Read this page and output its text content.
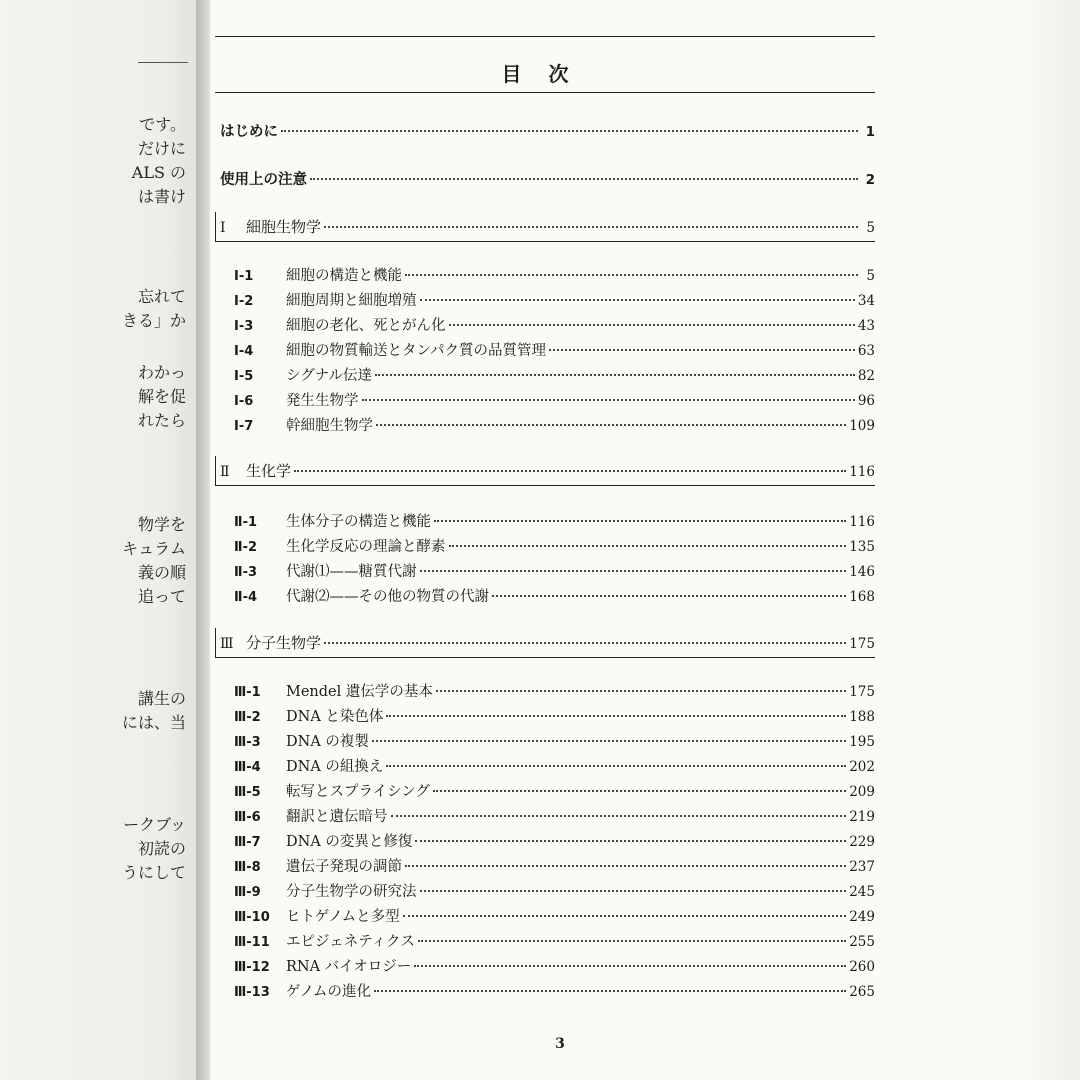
です。
だけに
ALS の
は書け
忘れて
きる」か
わかっ
解を促
れたら
物学を
キュラム
義の順
追って
講生の
には、当
ークブッ
初読の
うにして
目 次
はじめに	1
使用上の注意	2
Ⅰ	細胞生物学	5
Ⅰ-1	細胞の構造と機能	5
Ⅰ-2	細胞周期と細胞増殖	34
Ⅰ-3	細胞の老化、死とがん化	43
Ⅰ-4	細胞の物質輸送とタンパク質の品質管理	63
Ⅰ-5	シグナル伝達	82
Ⅰ-6	発生生物学	96
Ⅰ-7	幹細胞生物学	109
Ⅱ	生化学	116
Ⅱ-1	生体分子の構造と機能	116
Ⅱ-2	生化学反応の理論と酵素	135
Ⅱ-3	代謝⑴——糖質代謝	146
Ⅱ-4	代謝⑵——その他の物質の代謝	168
Ⅲ 分子生物学	175
Ⅲ-1	Mendel 遺伝学の基本	175
Ⅲ-2	DNA と染色体	188
Ⅲ-3	DNA の複製	195
Ⅲ-4	DNA の組換え	202
Ⅲ-5	転写とスプライシング	209
Ⅲ-6	翻訳と遺伝暗号	219
Ⅲ-7	DNA の変異と修復	229
Ⅲ-8	遺伝子発現の調節	237
Ⅲ-9	分子生物学の研究法	245
Ⅲ-10	ヒトゲノムと多型	249
Ⅲ-11	エピジェネティクス	255
Ⅲ-12	RNA バイオロジー	260
Ⅲ-13	ゲノムの進化	265
3
